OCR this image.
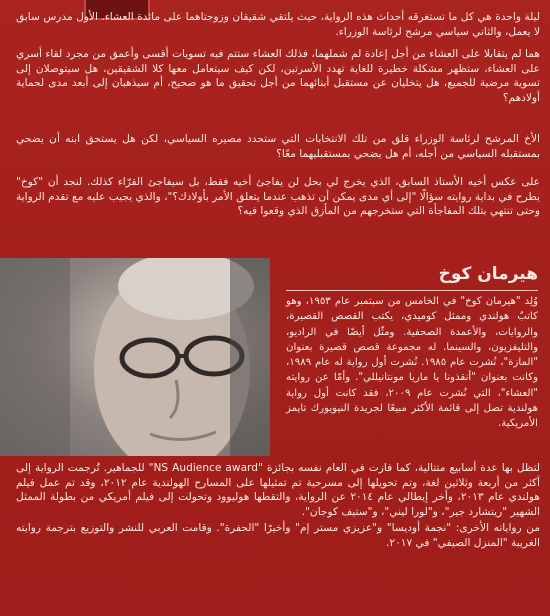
ليلة واحدة هي كل ما تستغرقه أحداث هذه الرواية، حيث يلتقي شقيقان وزوجتاهما على مائدة العشاء. الأول مدرس سابق لا يعمل، والثاني سياسي مرشح لرئاسة الوزراء.

هما لم يتقابلا على العشاء من أجل إعادة لم شملهما، فذلك العشاء ستتم فيه تسويات أقسى وأعمق من مجرد لقاء أسري على العشاء، ستظهر مشكلة خطيرة للغاية تهدد الأسرتين، لكن كيف سيتعامل معها كلا الشقيقين، هل سيتوصلان إلى تسوية مرضية للجميع، هل يتخليان عن مستقبل أبنائهما من أجل تحقيق ما هو صحيح، أم سيذهبان إلى أبعد مدى لحماية أولادهم؟

الأخ المرشح لرئاسة الوزراء قلق من تلك الانتخابات التي ستحدد مصيره السياسي، لكن هل يستحق ابنه أن يضحي بمستقبله السياسي من أجله، أم هل يضحي بمستقبليهما معًا؟

على عكس أخيه الأستاذ السابق، الذي يخرج لي بحل لن يفاجئ أخيه فقط، بل سيفاجئ القرّاء كذلك. لنجد أن "كوخ" يطرح في بداية روايته سؤالًا "إلى أي مدى يمكن أن تذهب عندما يتعلق الأمر بأولادك؟"، والذي يجيب عليه مع تقدم الرواية وحتى تنتهي بتلك المفاجأة التي ستخرجهم من المأزق الذي وقعوا فيه؟

هيرمان كوخ

وُلِد "هيرمان كوخ" في الخامس من سبتمبر عام ١٩٥٣، وهو كاتبٌ هولندي وممثل كوميدي، يكتب القصص القصيرة، والروايات، والأعمدة الصحفية. ومثّل أيضًا في الراديو، والتليفزيون، والسينما. له مجموعة قصص قصيرة بعنوان "المازة"، نُشرت عام ١٩٨٥. نُشرت أول رواية له عام ١٩٨٩، وكانت بعنوان "أنقذونا يا ماريا مونتانيللي". وأمّا عن روايته "العشاء"، التي نُشرت عام ٢٠٠٩، فقد كانت أول رواية هولندية تصل إلى قائمة الأكثر مبيعًا لجريدة النيويورك تايمز الأمريكية.

لتظل بها عدة أسابيع متتالية، كما فازت في العام نفسه بجائزة "NS Audience award" للجماهير. تُرجمت الرواية إلى أكثر من أربعة وثلاثين لغة، وتم تحويلها إلى مسرحية تم تمثيلها على المسارح الهولندية عام ٢٠١٢، وقد تم عمل فيلم هولندي عام ٢٠١٣، وأخر إيطالي عام ٢٠١٤ عن الرواية، والتقطها هوليوود وتحولت إلى فيلم أمريكي من بطولة الممثل الشهير "ريتشارد جير"، و"لورا ليني"، و"ستيف كوجان".

من رواياته الأخرى: "نجمة أوديسا" و"عزيزي مستر إم" وأخيرًا "الحفرة". وقامت العربي للنشر والتوزيع بترجمة روايته الغريبة "المنزل الصيفي" في ٢٠١٧.
